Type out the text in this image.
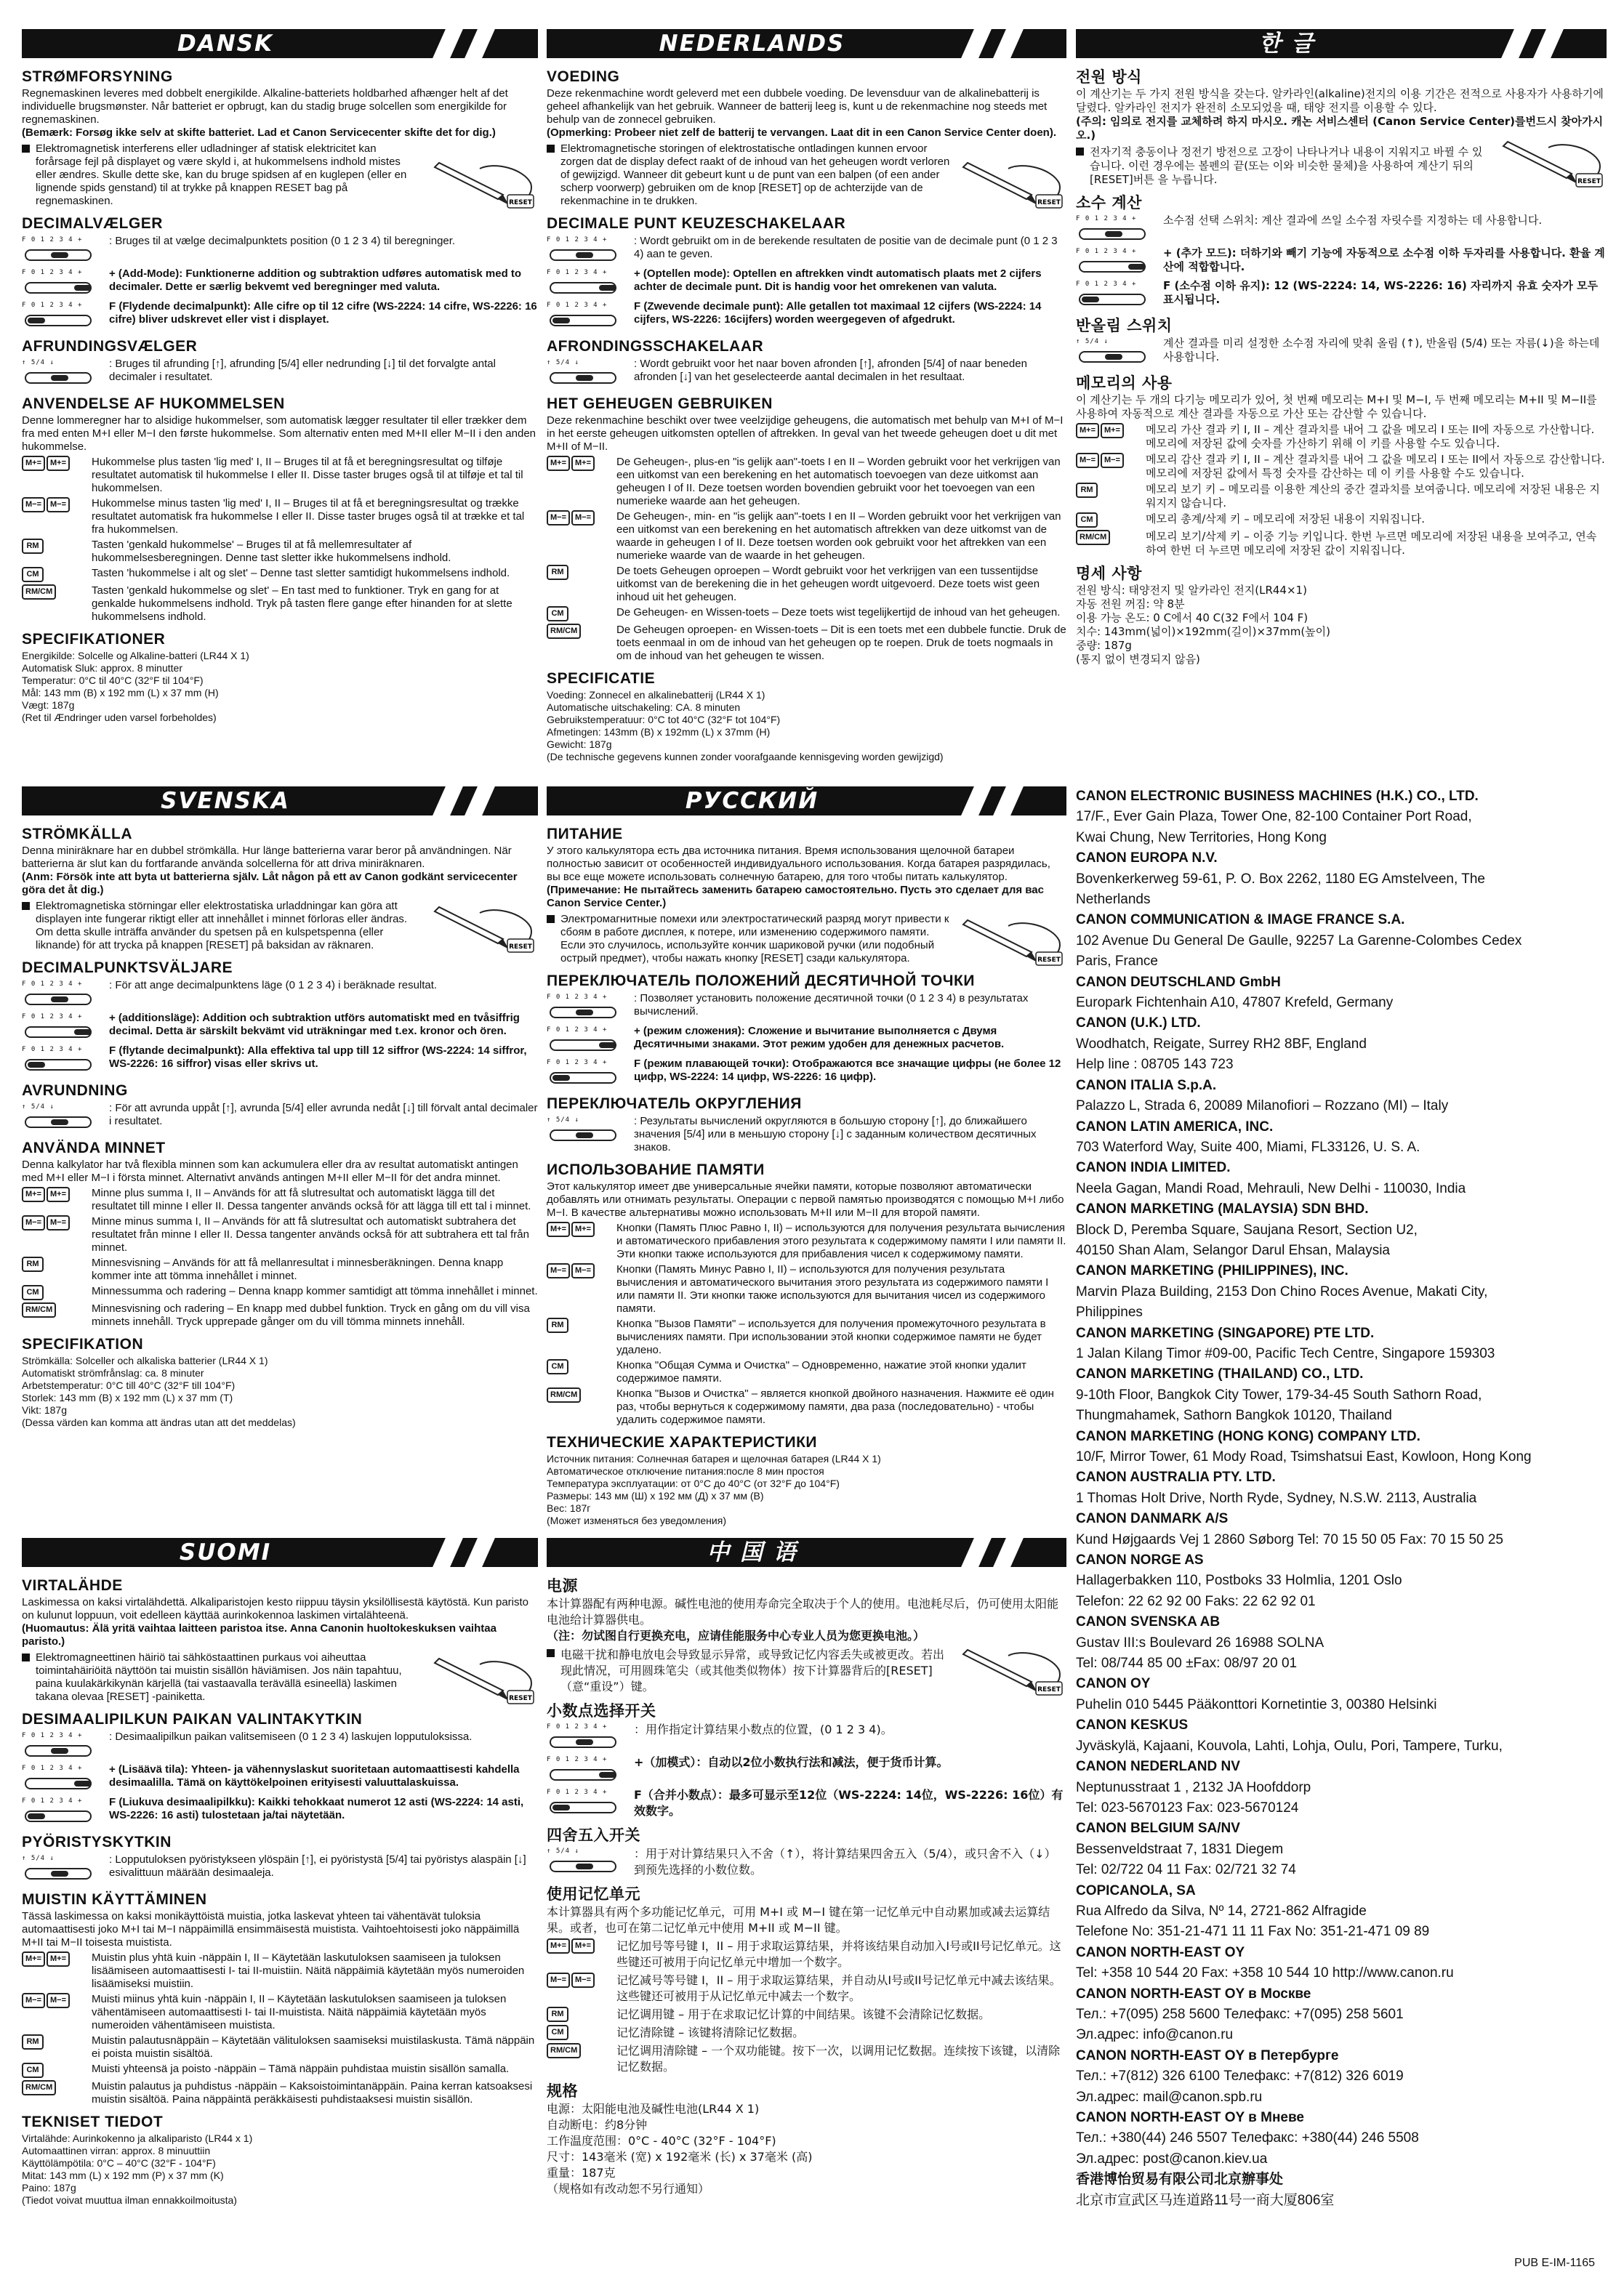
DANSK
STRØMFORSYNING

Regnemaskinen leveres med dobbelt energikilde. Alkaline-batteriets holdbarhed afhænger helt af det individuelle brugsmønster. Når batteriet er opbrugt, kan du stadig bruge solcellen som energikilde for regnemaskinen.

(Bemærk: Forsøg ikke selv at skifte batteriet. Lad et Canon Servicecenter skifte det for dig.)

Elektromagnetisk interferens eller udladninger af statisk elektricitet kan forårsage fejl på displayet og være skyld i, at hukommelsens indhold mistes eller ændres. Skulle dette ske, kan du bruge spidsen af en kuglepen (eller en lignende spids genstand) til at trykke på knappen RESET bag på regnemaskinen.	RESET
DECIMALVÆLGER
F 0 1 2 3 4 + : Bruges til at vælge decimalpunktets position (0 1 2 3 4) til beregninger.

F 0 1 2 3 4 + + (Add-Mode): Funktionerne addition og subtraktion udføres automatisk med to decimaler. Dette er særlig bekvemt ved beregninger med valuta.

F 0 1 2 3 4 + F (Flydende decimalpunkt): Alle cifre op til 12 cifre (WS-2224: 14 cifre, WS-2226: 16 cifre) bliver udskrevet eller vist i displayet.

AFRUNDINGSVÆLGER
↑ 5/4 ↓	: Bruges til afrunding [↑], afrunding [5/4] eller nedrunding [↓] til det forvalgte antal decimaler i resultatet.

ANVENDELSE AF HUKOMMELSEN

Denne lommeregner har to alsidige hukommelser, som automatisk lægger resultater til eller trækker dem fra med enten M+I eller M−I den første hukommelse. Som alternativ enten med M+II eller M−II i den anden hukommelse.

M+=	M+=	Hukommelse plus tasten 'lig med' I, II – Bruges til at få et beregningsresultat og tilføje resultatet automatisk til hukommelse I eller II. Disse taster bruges også til at tilføje et tal til hukommelsen.

M−=	M−=	Hukommelse minus tasten 'lig med' I, II – Bruges til at få et beregningsresultat og trække resultatet automatisk fra hukommelse I eller II. Disse taster bruges også til at trække et tal fra hukommelsen.

RM	Tasten 'genkald hukommelse' – Bruges til at få mellemresultater af hukommelsesberegningen. Denne tast sletter ikke hukommelsens indhold.

CM	Tasten 'hukommelse i alt og slet' – Denne tast sletter samtidigt hukommelsens indhold.

RM/CM	Tasten 'genkald hukommelse og slet' – En tast med to funktioner. Tryk en gang for at genkalde hukommelsens indhold. Tryk på tasten flere gange efter hinanden for at slette hukommelsens indhold.

SPECIFIKATIONER

Energikilde: Solcelle og Alkaline-batteri (LR44 X 1)

Automatisk Sluk: approx. 8 minutter

Temperatur: 0°C til 40°C (32°F til 104°F)

Mål: 143 mm (B) x 192 mm (L) x 37 mm (H)

Vægt: 187g

(Ret til Ændringer uden varsel forbeholdes)

NEDERLANDS
VOEDING

Deze rekenmachine wordt geleverd met een dubbele voeding. De levensduur van de alkalinebatterij is geheel afhankelijk van het gebruik. Wanneer de batterij leeg is, kunt u de rekenmachine nog steeds met behulp van de zonnecel gebruiken.

(Opmerking: Probeer niet zelf de batterij te vervangen. Laat dit in een Canon Service Center doen).

Elektromagnetische storingen of elektrostatische ontladingen kunnen ervoor zorgen dat de display defect raakt of de inhoud van het geheugen wordt verloren of gewijzigd. Wanneer dit gebeurt kunt u de punt van een balpen (of een ander scherp voorwerp) gebruiken om de knop [RESET] op de achterzijde van de rekenmachine in te drukken.	RESET
DECIMALE PUNT KEUZESCHAKELAAR
F 0 1 2 3 4 + : Wordt gebruikt om in de berekende resultaten de positie van de decimale punt (0 1 2 3 4) aan te geven.

F 0 1 2 3 4 + + (Optellen mode): Optellen en aftrekken vindt automatisch plaats met 2 cijfers achter de decimale punt. Dit is handig voor het omrekenen van valuta.

F 0 1 2 3 4 + F (Zwevende decimale punt): Alle getallen tot maximaal 12 cijfers (WS-2224: 14 cijfers, WS-2226: 16cijfers) worden weergegeven of afgedrukt.

AFRONDINGSSCHAKELAAR
↑ 5/4 ↓	: Wordt gebruikt voor het naar boven afronden [↑], afronden [5/4] of naar beneden afronden [↓] van het geselecteerde aantal decimalen in het resultaat.

HET GEHEUGEN GEBRUIKEN

Deze rekenmachine beschikt over twee veelzijdige geheugens, die automatisch met behulp van M+I of M−I in het eerste geheugen uitkomsten optellen of aftrekken. In geval van het tweede geheugen doet u dit met M+II of M−II.

M+=	M+=	De Geheugen-, plus-en "is gelijk aan"-toets I en II – Worden gebruikt voor het verkrijgen van een uitkomst van een berekening en het automatisch toevoegen van deze uitkomst aan geheugen I of II. Deze toetsen worden bovendien gebruikt voor het toevoegen van een numerieke waarde aan het geheugen.

M−=	M−=	De Geheugen-, min- en "is gelijk aan"-toets I en II – Worden gebruikt voor het verkrijgen van een uitkomst van een berekening en het automatisch aftrekken van deze uitkomst van de waarde in geheugen I of II. Deze toetsen worden ook gebruikt voor het aftrekken van een numerieke waarde van de waarde in het geheugen.

RM	De toets Geheugen oproepen – Wordt gebruikt voor het verkrijgen van een tussentijdse uitkomst van de berekening die in het geheugen wordt uitgevoerd. Deze toets wist geen inhoud uit het geheugen.

CM	De Geheugen- en Wissen-toets – Deze toets wist tegelijkertijd de inhoud van het geheugen.

RM/CM	De Geheugen oproepen- en Wissen-toets – Dit is een toets met een dubbele functie. Druk de toets eenmaal in om de inhoud van het geheugen op te roepen. Druk de toets nogmaals in om de inhoud van het geheugen te wissen.

SPECIFICATIE

Voeding: Zonnecel en alkalinebatterij (LR44 X 1)

Automatische uitschakeling: CA. 8 minuten

Gebruikstemperatuur: 0°C tot 40°C (32°F tot 104°F)

Afmetingen: 143mm (B) x 192mm (L) x 37mm (H)

Gewicht: 187g

(De technische gegevens kunnen zonder voorafgaande kennisgeving worden gewijzigd)

한 글
전원 방식

이 계산기는 두 가지 전원 방식을 갖는다. 알카라인(alkaline)전지의 이용 기간은 전적으로 사용자가 사용하기에 달렸다. 알카라인 전지가 완전히 소모되었을 때, 태양 전지를 이용할 수 있다.

(주의: 임의로 전지를 교체하려 하지 마시오. 캐논 서비스센터 (Canon Service Center)를번드시 찾아가시오.)

전자기적 충동이나 정전기 방전으로 고장이 나타나거나 내용이 지워지고 바뀔 수 있습니다. 이런 경우에는 볼펜의 끝(또는 이와 비슷한 물체)을 사용하여 계산기 뒤의 [RESET]버튼 을 누릅니다.	RESET
소수 계산
F 0 1 2 3 4 + 소수점 선택 스위치: 계산 결과에 쓰일 소수점 자릿수를 지정하는 데 사용합니다.

F 0 1 2 3 4 + + (추가 모드): 더하기와 빼기 기능에 자동적으로 소수점 이하 두자리를 사용합니다. 환율 계산에 적합합니다.

F 0 1 2 3 4 + F (소수점 이하 유지): 12 (WS-2224: 14, WS-2226: 16) 자리까지 유효 숫자가 모두 표시됩니다.

반올림 스위치
↑ 5/4 ↓	계산 결과를 미리 설정한 소수점 자리에 맞춰 올림 (↑), 반올림 (5/4) 또는 자름(↓)을 하는데 사용합니다.

메모리의 사용

이 계산기는 두 개의 다기능 메모리가 있어, 첫 번째 메모리는 M+I 및 M−I, 두 번째 메모리는 M+II 및 M−II를 사용하여 자동적으로 계산 결과를 자동으로 가산 또는 감산할 수 있습니다.

M+=	M+=	메모리 가산 결과 키 I, II – 계산 결과치를 내어 그 값을 메모리 I 또는 II에 자동으로 가산합니다. 메모리에 저장된 값에 숫자를 가산하기 위해 이 키를 사용할 수도 있습니다.

M−=	M−=	메모리 감산 결과 키 I, II – 계산 결과치를 내어 그 값을 메모리 I 또는 II에서 자동으로 감산합니다. 메모리에 저장된 값에서 특정 숫자를 감산하는 데 이 키를 사용할 수도 있습니다.

RM	메모리 보기 키 – 메모리를 이용한 계산의 중간 결과치를 보여줍니다. 메모리에 저장된 내용은 지워지지 않습니다.

CM	메모리 총계/삭제 키 – 메모리에 저장된 내용이 지워집니다.

RM/CM	메모리 보기/삭제 키 – 이중 기능 키입니다. 한번 누르면 메모리에 저장된 내용을 보여주고, 연속하여 한번 더 누르면 메모리에 저장된 값이 지워집니다.

명세 사항

전원 방식: 태양전지 및 알카라인 전지(LR44×1)

자동 전원 꺼짐: 약 8분

이용 가능 온도: 0 C에서 40 C(32 F에서 104 F)

치수: 143mm(넓이)×192mm(길이)×37mm(높이)

중량: 187g

(통지 없이 변경되지 않음)

SVENSKA
STRÖMKÄLLA

Denna miniräknare har en dubbel strömkälla. Hur länge batterierna varar beror på användningen. När batterierna är slut kan du fortfarande använda solcellerna för att driva miniräknaren.

(Anm: Försök inte att byta ut batterierna själv. Låt någon på ett av Canon godkänt servicecenter göra det åt dig.)

Elektromagnetiska störningar eller elektrostatiska urladdningar kan göra att displayen inte fungerar riktigt eller att innehållet i minnet förloras eller ändras. Om detta skulle inträffa använder du spetsen på en kulspetspenna (eller liknande) för att trycka på knappen [RESET] på baksidan av räknaren.	RESET
DECIMALPUNKTSVÄLJARE
F 0 1 2 3 4 + : För att ange decimalpunktens läge (0 1 2 3 4) i beräknade resultat.

F 0 1 2 3 4 + + (additionsläge): Addition och subtraktion utförs automatiskt med en tvåsiffrig decimal. Detta är särskilt bekvämt vid uträkningar med t.ex. kronor och ören.

F 0 1 2 3 4 + F (flytande decimalpunkt): Alla effektiva tal upp till 12 siffror (WS-2224: 14 siffror, WS-2226: 16 siffror) visas eller skrivs ut.

AVRUNDNING
↑ 5/4 ↓	: För att avrunda uppåt [↑], avrunda [5/4] eller avrunda nedåt [↓] till förvalt antal decimaler i resultatet.

ANVÄNDA MINNET

Denna kalkylator har två flexibla minnen som kan ackumulera eller dra av resultat automatiskt antingen med M+I eller M−I i första minnet. Alternativt används antingen M+II eller M−II för det andra minnet.

M+=	M+=	Minne plus summa I, II – Används för att få slutresultat och automatiskt lägga till det resultatet till minne I eller II. Dessa tangenter används också för att lägga till ett tal i minnet.

M−=	M−=	Minne minus summa I, II – Används för att få slutresultat och automatiskt subtrahera det resultatet från minne I eller II. Dessa tangenter används också för att subtrahera ett tal från minnet.

RM	Minnesvisning – Används för att få mellanresultat i minnesberäkningen. Denna knapp kommer inte att tömma innehållet i minnet.

CM	Minnessumma och radering – Denna knapp kommer samtidigt att tömma innehållet i minnet.

RM/CM	Minnesvisning och radering – En knapp med dubbel funktion. Tryck en gång om du vill visa minnets innehåll. Tryck upprepade gånger om du vill tömma minnets innehåll.

SPECIFIKATION

Strömkälla: Solceller och alkaliska batterier (LR44 X 1)

Automatiskt strömfrånslag: ca. 8 minuter

Arbetstemperatur: 0°C till 40°C (32°F till 104°F)

Storlek: 143 mm (B) x 192 mm (L) x 37 mm (T)

Vikt: 187g

(Dessa värden kan komma att ändras utan att det meddelas)

РУССКИЙ
ПИТАНИЕ

У этого калькулятора есть два источника питания. Время использования щелочной батареи полностью зависит от особенностей индивидуального использования. Когда батарея разрядилась, вы все еще можете использовать солнечную батарею, для того чтобы питать калькулятор.

(Примечание: Не пытайтесь заменить батарею самостоятельно. Пусть это сделает для вас Canon Service Center.)

Электромагнитные помехи или электростатический разряд могут привести к сбоям в работе дисплея, к потере, или изменению содержимого памяти. Если это случилось, используйте кончик шариковой ручки (или подобный острый предмет), чтобы нажать кнопку [RESET] сзади калькулятора.	RESET
ПЕРЕКЛЮЧАТЕЛЬ ПОЛОЖЕНИЙ ДЕСЯТИЧНОЙ ТОЧКИ
F 0 1 2 3 4 + : Позволяет установить положение десятичной точки (0 1 2 3 4) в результатах вычислений.

F 0 1 2 3 4 + + (режим сложения): Сложение и вычитание выполняется с Двумя Десятичными знаками. Этот режим удобен для денежных расчетов.

F 0 1 2 3 4 + F (режим плавающей точки): Отображаются все значащие цифры (не более 12 цифр, WS-2224: 14 цифр, WS-2226: 16 цифр).

ПЕРЕКЛЮЧАТЕЛЬ ОКРУГЛЕНИЯ
↑ 5/4 ↓	: Результаты вычислений округляются в большую сторону [↑], до ближайшего значения [5/4] или в меньшую сторону [↓] с заданным количеством десятичных знаков.

ИСПОЛЬЗОВАНИЕ ПАМЯТИ

Этот калькулятор имеет две универсальные ячейки памяти, которые позволяют автоматически добавлять или отнимать результаты. Операции с первой памятью производятся с помощью M+I либо M−I. В качестве альтернативы можно использовать M+II или M−II для второй памяти.

M+=	M+=	Кнопки (Память Плюс Равно I, II) – используются для получения результата вычисления и автоматического прибавления этого результата к содержимому памяти I или памяти II. Эти кнопки также используются для прибавления чисел к содержимому памяти.

M−=	M−=	Кнопки (Память Минус Равно I, II) – используются для получения результата вычисления и автоматического вычитания этого результата из содержимого памяти I или памяти II. Эти кнопки также используются для вычитания чисел из содержимого памяти.

RM	Кнопка "Вызов Памяти" – используется для получения промежуточного результата в вычислениях памяти. При использовании этой кнопки содержимое памяти не будет удалено.

CM	Кнопка "Общая Сумма и Очистка" – Одновременно, нажатие этой кнопки удалит содержимое памяти.

RM/CM	Кнопка "Вызов и Очистка" – является кнопкой двойного назначения. Нажмите её один раз, чтобы вернуться к содержимому памяти, два раза (последовательно) - чтобы удалить содержимое памяти.

ТЕХНИЧЕСКИЕ ХАРАКТЕРИСТИКИ

Источник питания: Солнечная батарея и щелочная батарея (LR44 X 1)

Автоматическое отключение питания:после 8 мин простоя

Температура эксплуатации: от 0°C до 40°C (от 32°F до 104°F)

Размеры: 143 мм (Ш) x 192 мм (Д) x 37 мм (В)

Вес: 187г

(Может изменяться без уведомления)

SUOMI
VIRTALÄHDE

Laskimessa on kaksi virtalähdettä. Alkaliparistojen kesto riippuu täysin yksilöllisestä käytöstä. Kun paristo on kulunut loppuun, voit edelleen käyttää aurinkokennoa laskimen virtalähteenä.

(Huomautus: Älä yritä vaihtaa laitteen paristoa itse. Anna Canonin huoltokeskuksen vaihtaa paristo.)

Elektromagneettinen häiriö tai sähköstaattinen purkaus voi aiheuttaa toimintahäiriöitä näyttöön tai muistin sisällön häviämisen. Jos näin tapahtuu, paina kuulakärkikynän kärjellä (tai vastaavalla terävällä esineellä) laskimen takana olevaa [RESET] -painiketta.	RESET
DESIMAALIPILKUN PAIKAN VALINTAKYTKIN
F 0 1 2 3 4 + : Desimaalipilkun paikan valitsemiseen (0 1 2 3 4) laskujen lopputuloksissa.

F 0 1 2 3 4 + + (Lisäävä tila): Yhteen- ja vähennyslaskut suoritetaan automaattisesti kahdella desimaalilla. Tämä on käyttökelpoinen erityisesti valuuttalaskuissa.

F 0 1 2 3 4 + F (Liukuva desimaalipilkku): Kaikki tehokkaat numerot 12 asti (WS-2224: 14 asti, WS-2226: 16 asti) tulostetaan ja/tai näytetään.

PYÖRISTYSKYTKIN
↑ 5/4 ↓	: Lopputuloksen pyöristykseen ylöspäin [↑], ei pyöristystä [5/4] tai pyöristys alaspäin [↓] esivalittuun määrään desimaaleja.

MUISTIN KÄYTTÄMINEN

Tässä laskimessa on kaksi monikäyttöistä muistia, jotka laskevat yhteen tai vähentävät tuloksia automaattisesti joko M+I tai M−I näppäimillä ensimmäisestä muistista. Vaihtoehtoisesti joko näppäimillä M+II tai M−II toisesta muistista.

M+=	M+=	Muistin plus yhtä kuin -näppäin I, II – Käytetään laskutuloksen saamiseen ja tuloksen lisäämiseen automaattisesti I- tai II-muistiin. Näitä näppäimiä käytetään myös numeroiden lisäämiseksi muistiin.

M−=	M−=	Muisti miinus yhtä kuin -näppäin I, II – Käytetään laskutuloksen saamiseen ja tuloksen vähentämiseen automaattisesti I- tai II-muistista. Näitä näppäimiä käytetään myös numeroiden vähentämiseen muistista.

RM	Muistin palautusnäppäin – Käytetään välituloksen saamiseksi muistilaskusta. Tämä näppäin ei poista muistin sisältöä.

CM	Muisti yhteensä ja poisto -näppäin – Tämä näppäin puhdistaa muistin sisällön samalla.

RM/CM	Muistin palautus ja puhdistus -näppäin – Kaksoistoimintanäppäin. Paina kerran katsoaksesi muistin sisältöä. Paina näppäintä peräkkäisesti puhdistaaksesi muistin sisällön.

TEKNISET TIEDOT

Virtalähde: Aurinkokenno ja alkaliparisto (LR44 x 1)

Automaattinen virran: approx. 8 minuuttiin

Käyttölämpötila: 0°C – 40°C (32°F - 104°F)

Mitat: 143 mm (L) x 192 mm (P) x 37 mm (K)

Paino: 187g

(Tiedot voivat muuttua ilman ennakkoilmoitusta)

中 国 语
电源

本计算器配有两种电源。碱性电池的使用寿命完全取决于个人的使用。电池耗尽后，仍可使用太阳能电池给计算器供电。

（注：勿试图自行更换充电，应请佳能服务中心专业人员为您更换电池。）

电磁干扰和静电放电会导致显示异常，或导致记忆内容丢失或被更改。若出现此情况，可用圆珠笔尖（或其他类似物体）按下计算器背后的[RESET]（意“重设”）键。	RESET
小数点选择开关
F 0 1 2 3 4 + ：用作指定计算结果小数点的位置，(0 1 2 3 4)。

F 0 1 2 3 4 + +（加模式）：自动以2位小数执行法和减法，便于货币计算。

F 0 1 2 3 4 + F（合并小数点）：最多可显示至12位（WS-2224: 14位，WS-2226: 16位）有效数字。

四舍五入开关
↑ 5/4 ↓	：用于对计算结果只入不舍（↑），将计算结果四舍五入（5/4），或只舍不入（↓）到预先选择的小数位数。

使用记忆单元

本计算器具有两个多功能记忆单元，可用 M+I 或 M−I 键在第一记忆单元中自动累加或减去运算结果。或者，也可在第二记忆单元中使用 M+II 或 M−II 键。

M+=	M+=	记忆加号等号键 I，II – 用于求取运算结果，并将该结果自动加入I号或II号记忆单元。这些键还可被用于向记忆单元中增加一个数字。

M−=	M−=	记忆减号等号键 I，II – 用于求取运算结果，并自动从I号或II号记忆单元中减去该结果。这些键还可被用于从记忆单元中减去一个数字。

RM	记忆调用键 – 用于在求取记忆计算的中间结果。该键不会清除记忆数据。

CM	记忆清除键 – 该键将清除记忆数据。

RM/CM	记忆调用清除键 – 一个双功能键。按下一次，以调用记忆数据。连续按下该键，以清除记忆数据。

规格

电源：太阳能电池及碱性电池(LR44 X 1)

自动断电：约8分钟

工作温度范围：0°C - 40°C (32°F - 104°F)

尺寸：143毫米 (宽) x 192毫米 (长) x 37毫米 (高)

重量：187克

（规格如有改动恕不另行通知）

CANON ELECTRONIC BUSINESS MACHINES (H.K.) CO., LTD.

17/F., Ever Gain Plaza, Tower One, 82-100 Container Port Road,

Kwai Chung, New Territories, Hong Kong

CANON EUROPA N.V.

Bovenkerkerweg 59-61, P. O. Box 2262, 1180 EG Amstelveen, The

Netherlands

CANON COMMUNICATION & IMAGE FRANCE S.A.

102 Avenue Du General De Gaulle, 92257 La Garenne-Colombes Cedex

Paris, France

CANON DEUTSCHLAND GmbH

Europark Fichtenhain A10, 47807 Krefeld, Germany

CANON (U.K.) LTD.

Woodhatch, Reigate, Surrey RH2 8BF, England

Help line : 08705 143 723

CANON ITALIA S.p.A.

Palazzo L, Strada 6, 20089 Milanofiori – Rozzano (MI) – Italy

CANON LATIN AMERICA, INC.

703 Waterford Way, Suite 400, Miami, FL33126, U. S. A.

CANON INDIA LIMITED.

Neela Gagan, Mandi Road, Mehrauli, New Delhi - 110030, India

CANON MARKETING (MALAYSIA) SDN BHD.

Block D, Peremba Square, Saujana Resort, Section U2,

40150 Shan Alam, Selangor Darul Ehsan, Malaysia

CANON MARKETING (PHILIPPINES), INC.

Marvin Plaza Building, 2153 Don Chino Roces Avenue, Makati City,

Philippines

CANON MARKETING (SINGAPORE) PTE LTD.

1 Jalan Kilang Timor #09-00, Pacific Tech Centre, Singapore 159303

CANON MARKETING (THAILAND) CO., LTD.

9-10th Floor, Bangkok City Tower, 179-34-45 South Sathorn Road,

Thungmahamek, Sathorn Bangkok 10120, Thailand

CANON MARKETING (HONG KONG) COMPANY LTD.

10/F, Mirror Tower, 61 Mody Road, Tsimshatsui East, Kowloon, Hong Kong

CANON AUSTRALIA PTY. LTD.

1 Thomas Holt Drive, North Ryde, Sydney, N.S.W. 2113, Australia

CANON DANMARK A/S

Kund Højgaards Vej 1 2860 Søborg Tel: 70 15 50 05 Fax: 70 15 50 25

CANON NORGE AS

Hallagerbakken 110, Postboks 33 Holmlia, 1201 Oslo

Telefon: 22 62 92 00 Faks: 22 62 92 01

CANON SVENSKA AB

Gustav III:s Boulevard 26 16988 SOLNA

Tel: 08/744 85 00 ±Fax: 08/97 20 01

CANON OY

Puhelin 010 5445 Pääkonttori Kornetintie 3, 00380 Helsinki

CANON KESKUS

Jyväskylä, Kajaani, Kouvola, Lahti, Lohja, Oulu, Pori, Tampere, Turku,

CANON NEDERLAND NV

Neptunusstraat 1 , 2132 JA Hoofddorp

Tel: 023-5670123 Fax: 023-5670124

CANON BELGIUM SA/NV

Bessenveldstraat 7, 1831 Diegem

Tel: 02/722 04 11 Fax: 02/721 32 74

COPICANOLA, SA

Rua Alfredo da Silva, Nº 14, 2721-862 Alfragide

Telefone No: 351-21-471 11 11 Fax No: 351-21-471 09 89

CANON NORTH-EAST OY

Tel: +358 10 544 20 Fax: +358 10 544 10 http://www.canon.ru

CANON NORTH-EAST OY в Москве

Тел.: +7(095) 258 5600 Телефакс: +7(095) 258 5601

Эл.адрес: info@canon.ru

CANON NORTH-EAST OY в Петербурге

Тел.: +7(812) 326 6100 Телефакс: +7(812) 326 6019

Эл.адрес: mail@canon.spb.ru

CANON NORTH-EAST OY в Мневе

Тел.: +380(44) 246 5507 Телефакс: +380(44) 246 5508

Эл.адрес: post@canon.kiev.ua

香港博怡贸易有限公司北京辦事处

北京市宣武区马连道路11号一商大厦806室

PUB E-IM-1165
